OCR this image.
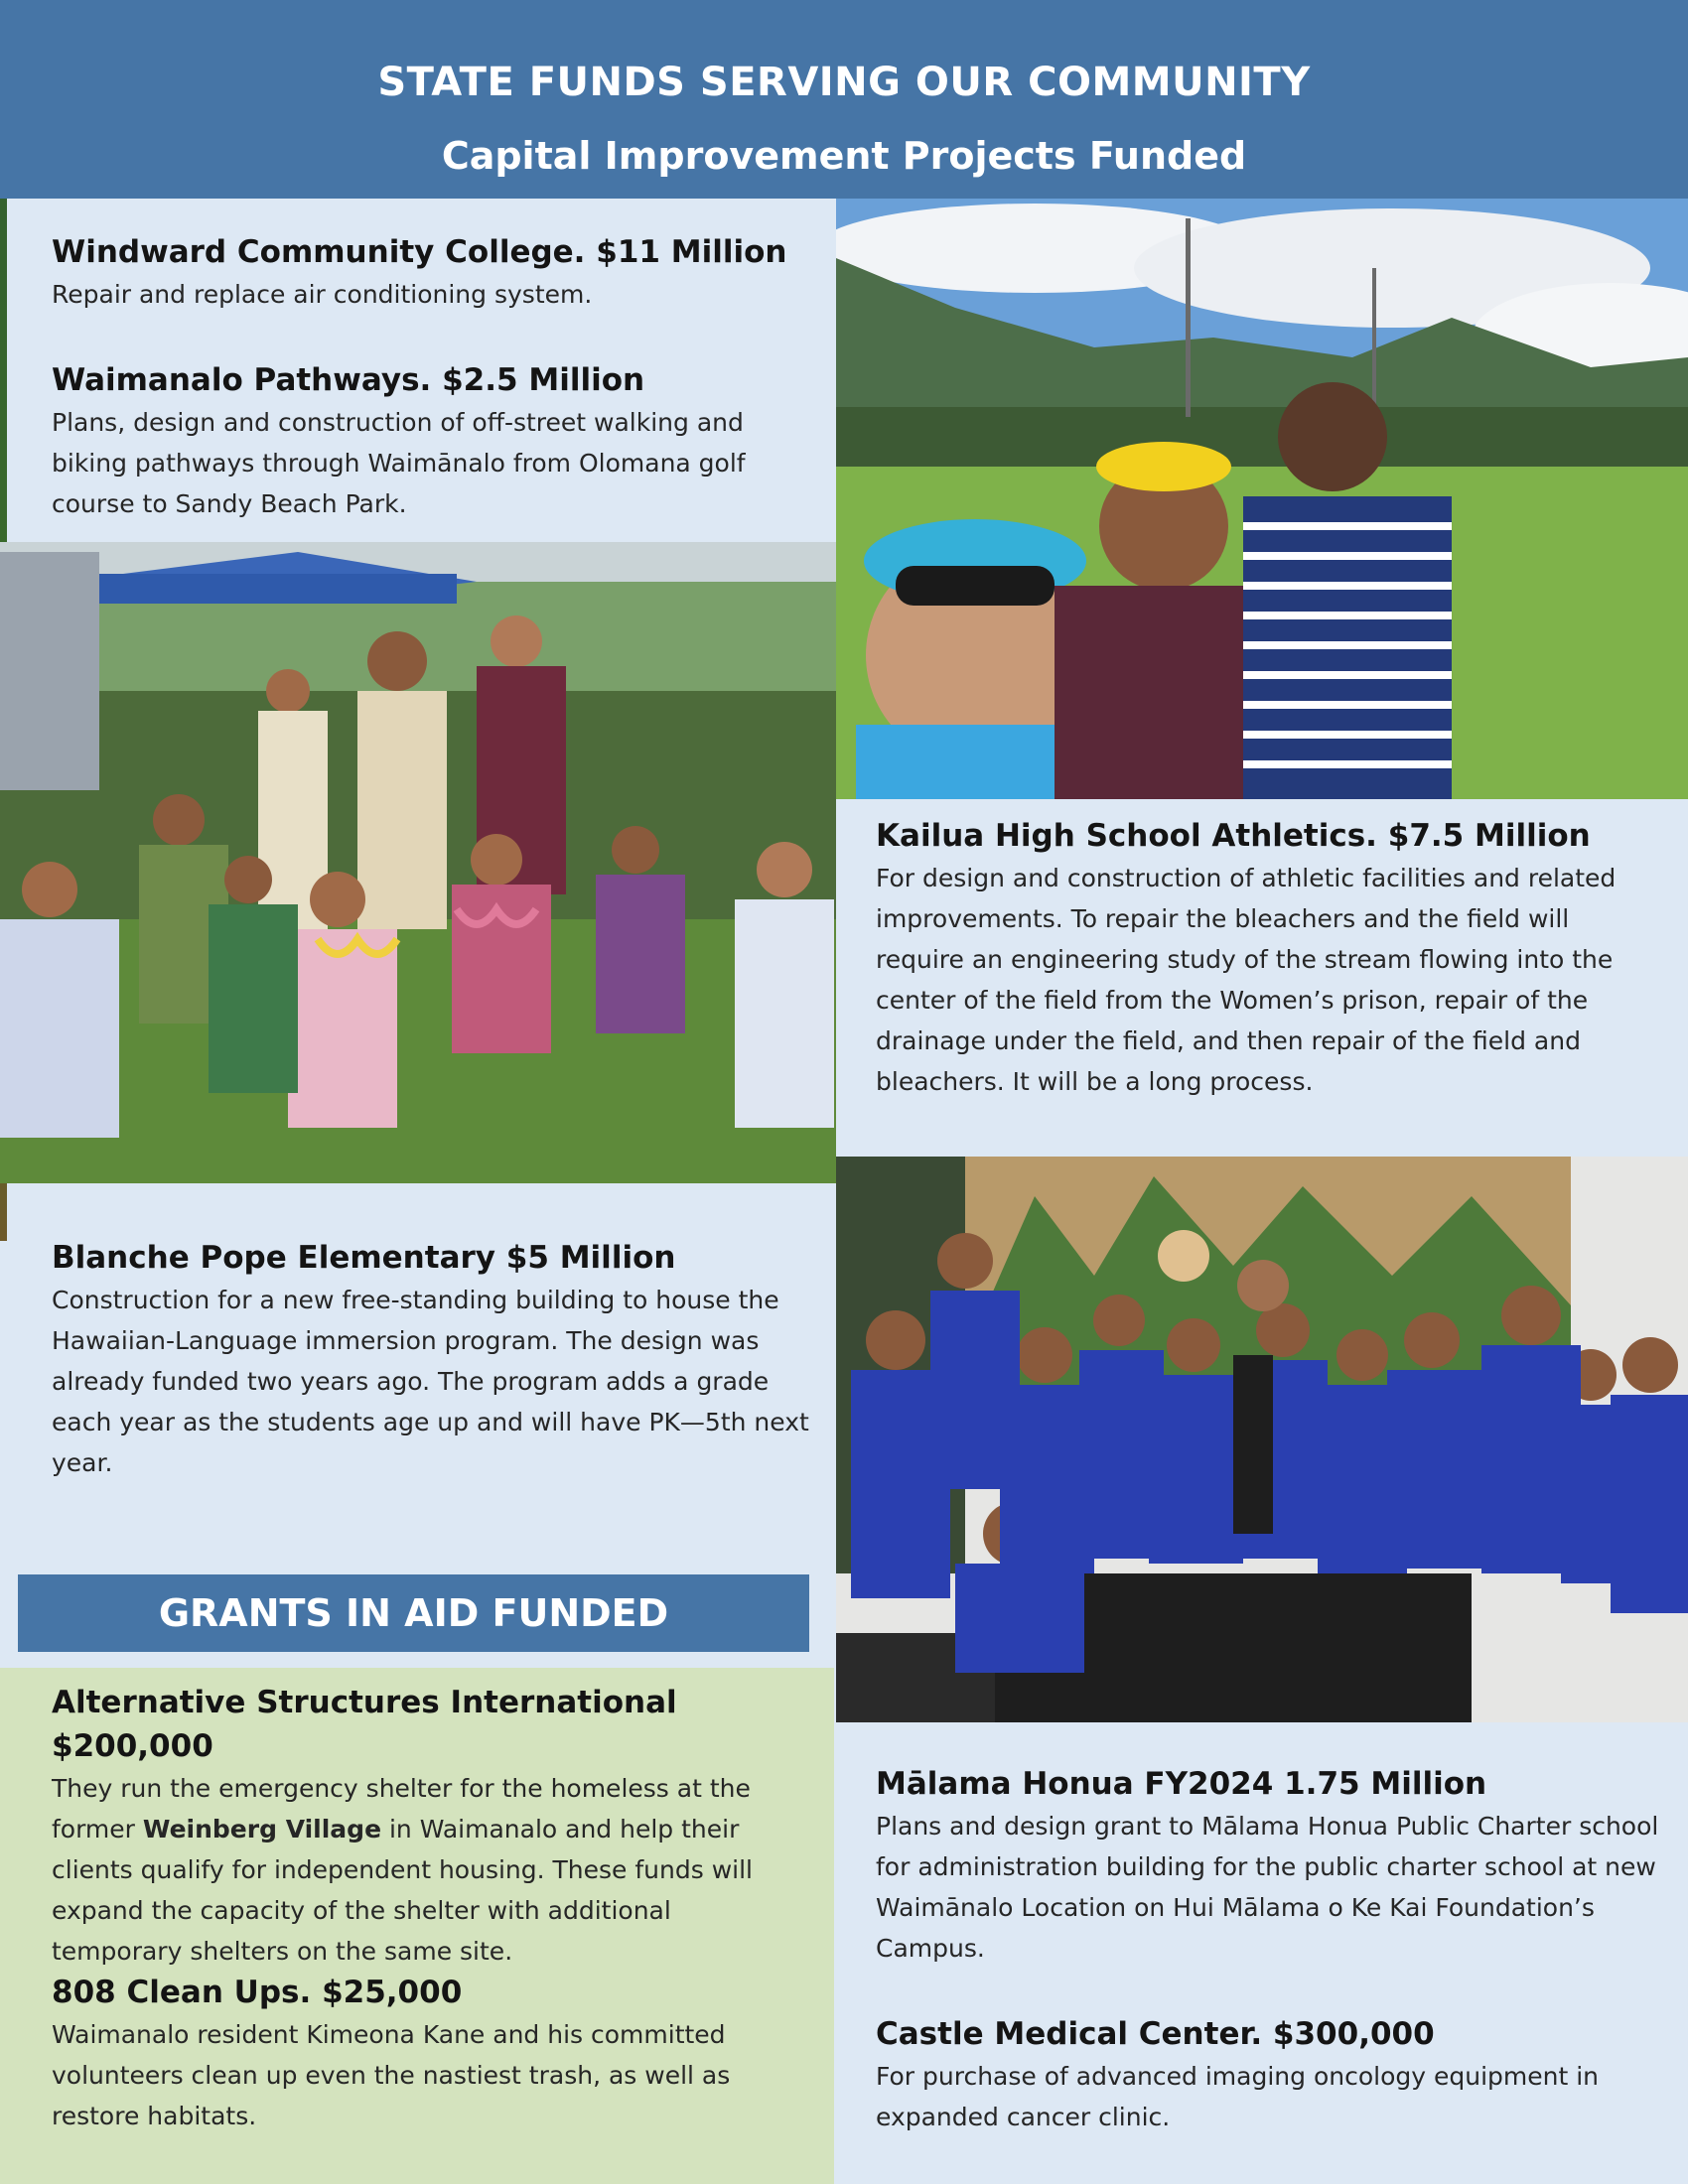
STATE FUNDS SERVING OUR COMMUNITY
Capital Improvement Projects Funded
Windward Community College. $11 Million

Repair and replace air conditioning system.

Waimanalo Pathways. $2.5 Million

Plans, design and construction of off-street walking and biking pathways through Waimānalo from Olomana golf course to Sandy Beach Park.

Kailua High School Athletics. $7.5 Million

For design and construction of athletic facilities and related improvements. To repair the bleachers and the field will require an engineering study of the stream flowing into the center of the field from the Women’s prison, repair of the drainage under the field, and then repair of the field and bleachers. It will be a long process.

Blanche Pope Elementary $5 Million

Construction for a new free-standing building to house the Hawaiian-Language immersion program. The design was already funded two years ago. The program adds a grade each year as the students age up and will have PK—5th next year.

GRANTS IN AID FUNDED
Alternative Structures International $200,000

They run the emergency shelter for the homeless at the former Weinberg Village in Waimanalo and help their clients qualify for independent housing. These funds will expand the capacity of the shelter with additional temporary shelters on the same site.

808 Clean Ups. $25,000

Waimanalo resident Kimeona Kane and his committed volunteers clean up even the nastiest trash, as well as restore habitats.

Mālama Honua FY2024 1.75 Million

Plans and design grant to Mālama Honua Public Charter school for administration building for the public charter school at new Waimānalo Location on Hui Mālama o Ke Kai Foundation’s Campus.

Castle Medical Center. $300,000

For purchase of advanced imaging oncology equipment in expanded cancer clinic.
